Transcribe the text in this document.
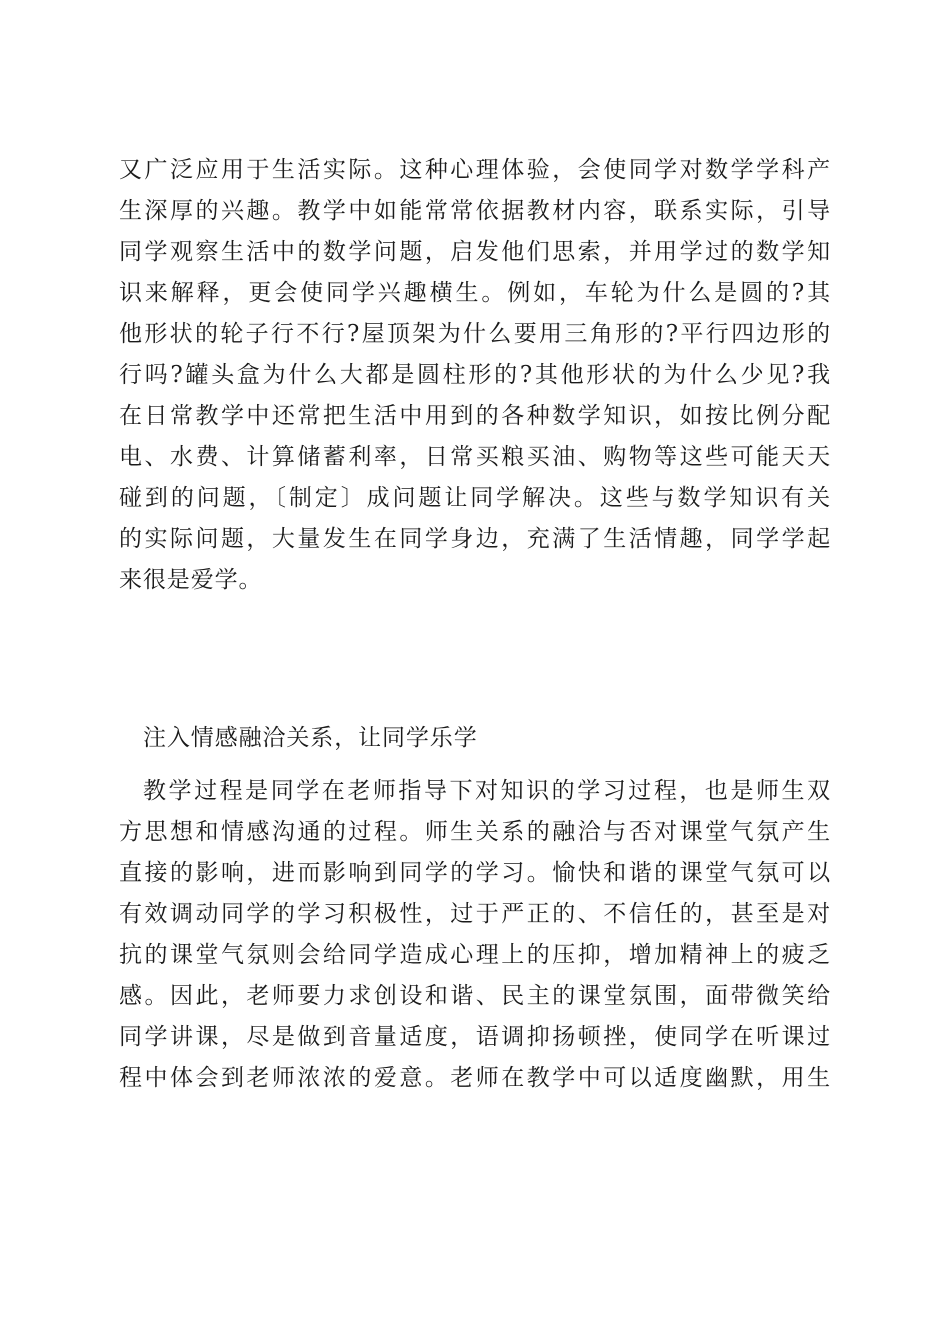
又广泛应用于生活实际。这种心理体验，会使同学对数学学科产
生深厚的兴趣。教学中如能常常依据教材内容，联系实际，引导
同学观察生活中的数学问题，启发他们思索，并用学过的数学知
识来解释，更会使同学兴趣横生。例如，车轮为什么是圆的?其
他形状的轮子行不行?屋顶架为什么要用三角形的?平行四边形的
行吗?罐头盒为什么大都是圆柱形的?其他形状的为什么少见?我
在日常教学中还常把生活中用到的各种数学知识，如按比例分配
电、水费、计算储蓄利率，日常买粮买油、购物等这些可能天天
碰到的问题，〔制定〕成问题让同学解决。这些与数学知识有关
的实际问题，大量发生在同学身边，充满了生活情趣，同学学起
来很是爱学。
注入情感融洽关系，让同学乐学
教学过程是同学在老师指导下对知识的学习过程，也是师生双
方思想和情感沟通的过程。师生关系的融洽与否对课堂气氛产生
直接的影响，进而影响到同学的学习。愉快和谐的课堂气氛可以
有效调动同学的学习积极性，过于严正的、不信任的，甚至是对
抗的课堂气氛则会给同学造成心理上的压抑，增加精神上的疲乏
感。因此，老师要力求创设和谐、民主的课堂氛围，面带微笑给
同学讲课，尽是做到音量适度，语调抑扬顿挫，使同学在听课过
程中体会到老师浓浓的爱意。老师在教学中可以适度幽默，用生
